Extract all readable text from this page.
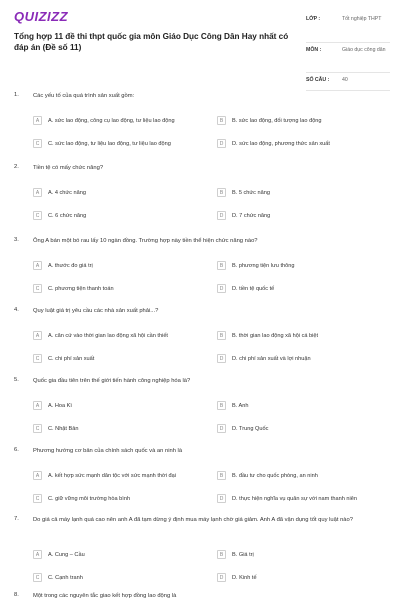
QUIZIZZ
Tổng hợp 11 đề thi thpt quốc gia môn Giáo Dục Công Dân Hay nhất có đáp án (Đề số 11)
LỚP :	Tốt nghiệp THPT
MÔN :	Giáo dục công dân
SỐ CÂU :	40
1.	Các yếu tố của quá trình sản xuất gồm:
A	A. sức lao động, công cụ lao động, tư liệu lao động	B	B. sức lao động, đối tượng lao động
C	C. sức lao động, tư liệu lao động, tư liệu lao động	D	D. sức lao động, phương thức sản xuất
2.	Tiền tệ có mấy chức năng?
A	A. 4 chức năng	B	B. 5 chức năng
C	C. 6 chức năng	D	D. 7 chức năng
3.	Ông A bán một bó rau lấy 10 ngàn đồng. Trường hợp này tiền thể hiện chức năng nào?
A	A. thước đo giá trị	B	B. phương tiện lưu thông
C	C. phương tiện thanh toán	D	D. tiền tệ quốc tế
4.	Quy luật giá trị yêu cầu các nhà sản xuất phải...?
A	A. căn cứ vào thời gian lao động xã hội cần thiết	B	B. thời gian lao động xã hội cá biệt
C	C. chi phí sản xuất	D	D. chi phí sản xuất và lợi nhuận
5.	Quốc gia đầu tiên trên thế giới tiến hành công nghiệp hóa là?
A	A. Hoa Kì	B	B. Anh
C	C. Nhật Bản	D	D. Trung Quốc
6.	Phương hướng cơ bản của chính sách quốc và an ninh là
A	A. kết hợp sức mạnh dân tộc với sức mạnh thời đại	B	B. đầu tư cho quốc phòng, an ninh
C	C. giữ vững môi trường hòa bình	D	D. thực hiện nghĩa vụ quân sự với nam thanh niên
7.	Do giá cả máy lạnh quá cao nên anh A đã tạm dừng ý định mua máy lạnh chờ giá giảm. Anh A đã vận dụng tốt quy luật nào?
A	A. Cung – Cầu	B	B. Giá trị
C	C. Cạnh tranh	D	D. Kinh tế
8.	Một trong các nguyên tắc giao kết hợp đồng lao động là
